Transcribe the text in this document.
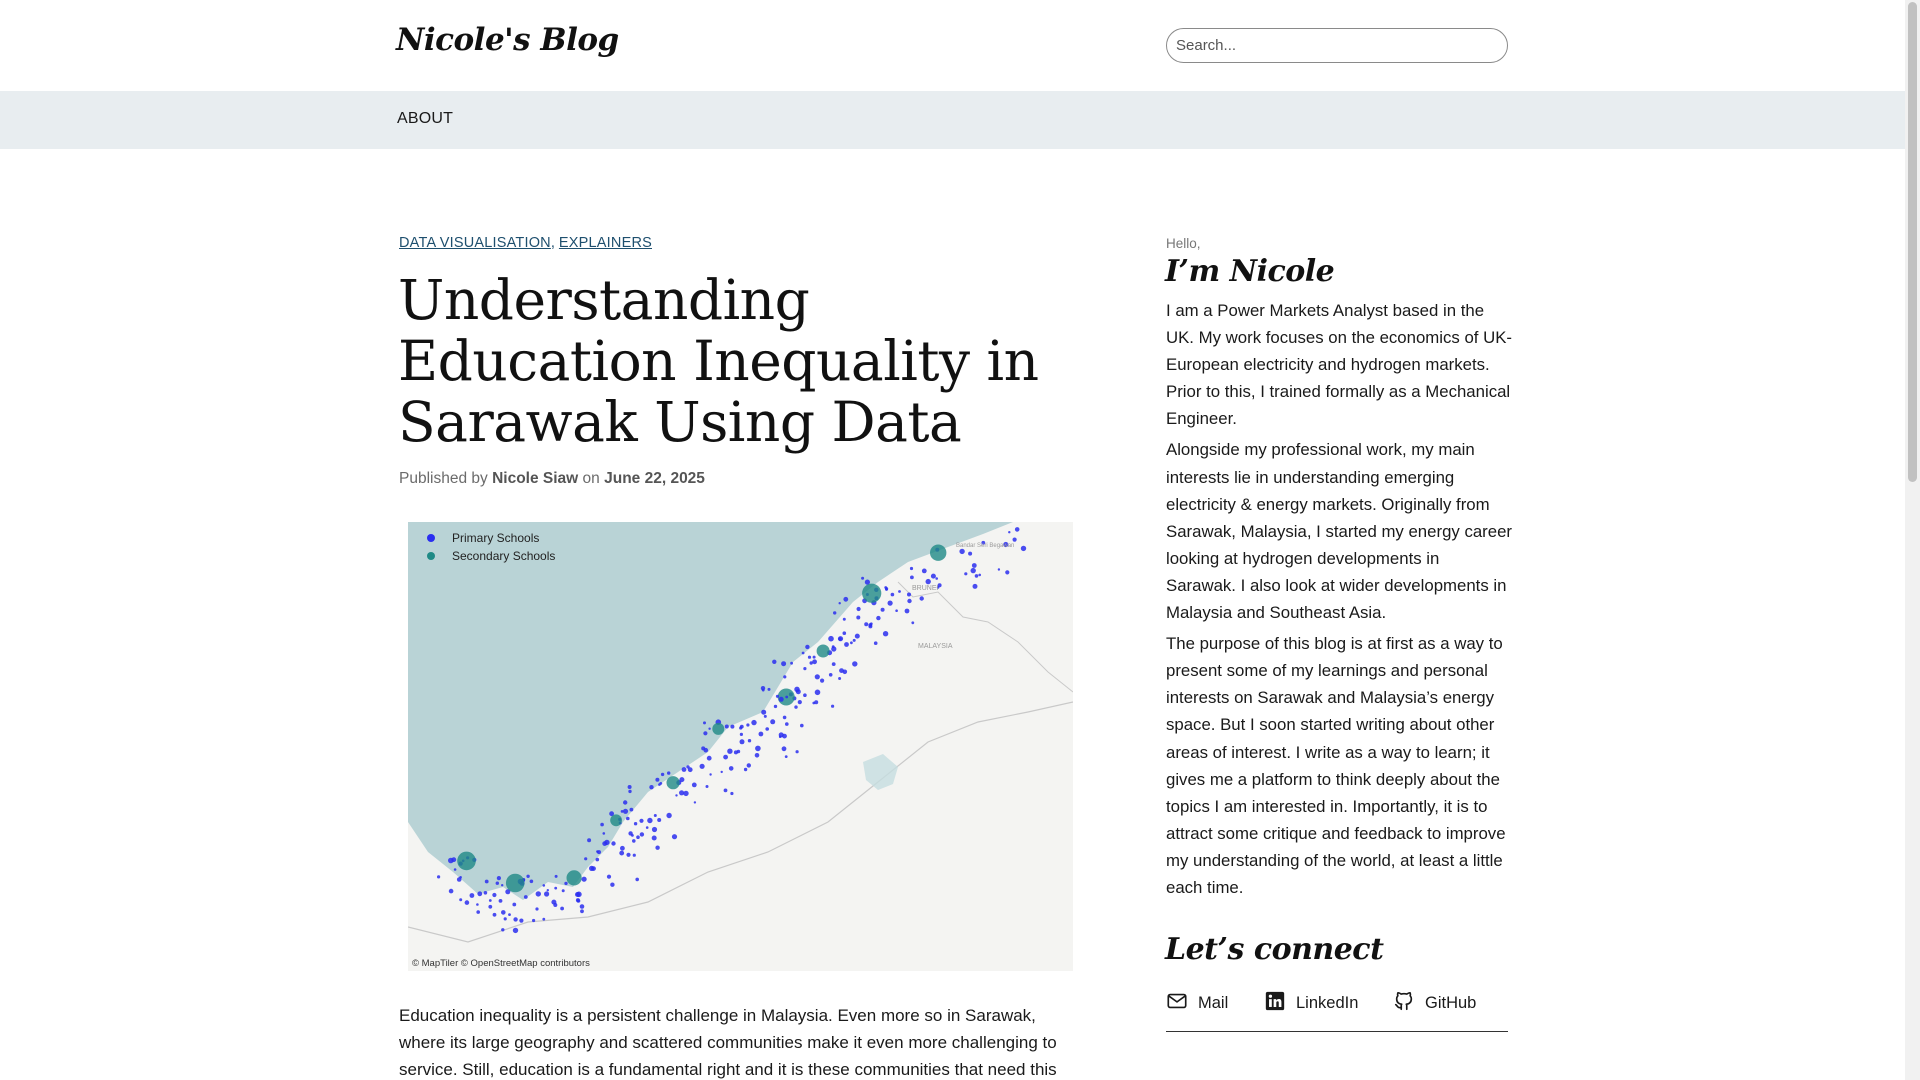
Nicole's Blog
Search...
ABOUT
DATA VISUALISATION, EXPLAINERS
Understanding Education Inequality in Sarawak Using Data
Published by Nicole Siaw on June 22, 2025
BRUNEI
MALAYSIA
Bandar Seri Begawan
Primary Schools
Secondary Schools
© MapTiler © OpenStreetMap contributors

Education inequality is a persistent challenge in Malaysia. Even more so in Sarawak, where its large geography and scattered communities make it even more challenging to service. Still, education is a fundamental right and it is these communities that need this

Hello,
I’m Nicole

I am a Power Markets Analyst based in the UK. My work focuses on the economics of UK-European electricity and hydrogen markets. Prior to this, I trained formally as a Mechanical Engineer.

Alongside my professional work, my main interests lie in understanding emerging electricity & energy markets. Originally from Sarawak, Malaysia, I started my energy career looking at hydrogen developments in Sarawak. I also look at wider developments in Malaysia and Southeast Asia.

The purpose of this blog is at first as a way to present some of my learnings and personal interests on Sarawak and Malaysia’s energy space. But I soon started writing about other areas of interest. I write as a way to learn; it gives me a platform to think deeply about the topics I am interested in. Importantly, it is to attract some critique and feedback to improve my understanding of the world, at least a little each time.

Let’s connect
Mail	LinkedIn	GitHub
